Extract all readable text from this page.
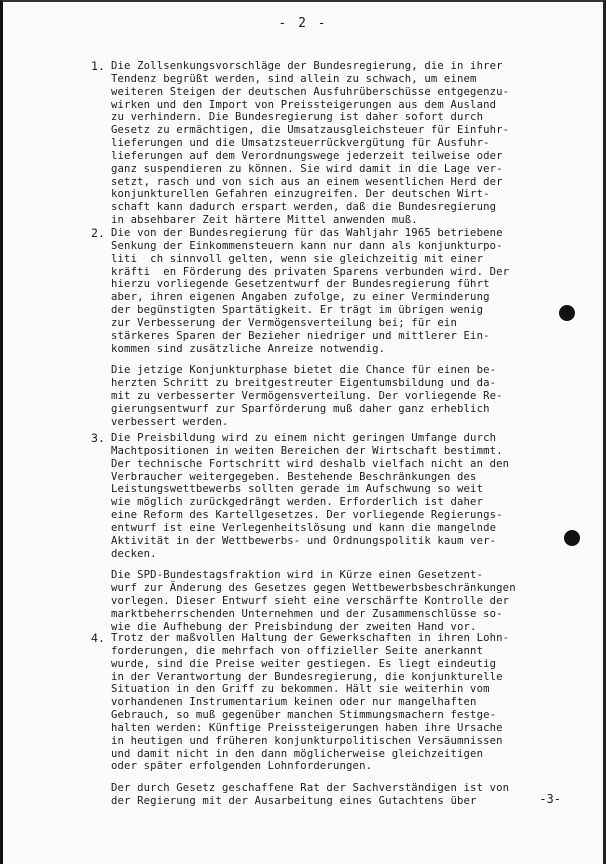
- 2 -
1. Die Zollsenkungsvorschläge der Bundesregierung, die in ihrer
Tendenz begrüßt werden, sind allein zu schwach, um einem
weiteren Steigen der deutschen Ausfuhrüberschüsse entgegenzu-
wirken und den Import von Preissteigerungen aus dem Ausland
zu verhindern. Die Bundesregierung ist daher sofort durch
Gesetz zu ermächtigen, die Umsatzausgleichsteuer für Einfuhr-
lieferungen und die Umsatzsteuerrückvergütung für Ausfuhr-
lieferungen auf dem Verordnungswege jederzeit teilweise oder
ganz suspendieren zu können. Sie wird damit in die Lage ver-
setzt, rasch und von sich aus an einem wesentlichen Herd der
konjunkturellen Gefahren einzugreifen. Der deutschen Wirt-
schaft kann dadurch erspart werden, daß die Bundesregierung
in absehbarer Zeit härtere Mittel anwenden muß.

2. Die von der Bundesregierung für das Wahljahr 1965 betriebene
Senkung der Einkommensteuern kann nur dann als konjunkturpo-
liti  ch sinnvoll gelten, wenn sie gleichzeitig mit einer
kräfti  en Förderung des privaten Sparens verbunden wird. Der
hierzu vorliegende Gesetzentwurf der Bundesregierung führt
aber, ihren eigenen Angaben zufolge, zu einer Verminderung
der begünstigten Spartätigkeit. Er trägt im übrigen wenig
zur Verbesserung der Vermögensverteilung bei; für ein
stärkeres Sparen der Bezieher niedriger und mittlerer Ein-
kommen sind zusätzliche Anreize notwendig.

Die jetzige Konjunkturphase bietet die Chance für einen be-
herzten Schritt zu breitgestreuter Eigentumsbildung und da-
mit zu verbesserter Vermögensverteilung. Der vorliegende Re-
gierungsentwurf zur Sparförderung muß daher ganz erheblich
verbessert werden.

3. Die Preisbildung wird zu einem nicht geringen Umfange durch
Machtpositionen in weiten Bereichen der Wirtschaft bestimmt.
Der technische Fortschritt wird deshalb vielfach nicht an den
Verbraucher weitergegeben. Bestehende Beschränkungen des
Leistungswettbewerbs sollten gerade im Aufschwung so weit
wie möglich zurückgedrängt werden. Erforderlich ist daher
eine Reform des Kartellgesetzes. Der vorliegende Regierungs-
entwurf ist eine Verlegenheitslösung und kann die mangelnde
Aktivität in der Wettbewerbs- und Ordnungspolitik kaum ver-
decken.

Die SPD-Bundestagsfraktion wird in Kürze einen Gesetzent-
wurf zur Änderung des Gesetzes gegen Wettbewerbsbeschränkungen
vorlegen. Dieser Entwurf sieht eine verschärfte Kontrolle der
marktbeherrschenden Unternehmen und der Zusammenschlüsse so-
wie die Aufhebung der Preisbindung der zweiten Hand vor.

4. Trotz der maßvollen Haltung der Gewerkschaften in ihren Lohn-
forderungen, die mehrfach von offizieller Seite anerkannt
wurde, sind die Preise weiter gestiegen. Es liegt eindeutig
in der Verantwortung der Bundesregierung, die konjunkturelle
Situation in den Griff zu bekommen. Hält sie weiterhin vom
vorhandenen Instrumentarium keinen oder nur mangelhaften
Gebrauch, so muß gegenüber manchen Stimmungsmachern festge-
halten werden: Künftige Preissteigerungen haben ihre Ursache
in heutigen und früheren konjunkturpolitischen Versäumnissen
und damit nicht in den dann möglicherweise gleichzeitigen
oder später erfolgenden Lohnforderungen.

Der durch Gesetz geschaffene Rat der Sachverständigen ist von
der Regierung mit der Ausarbeitung eines Gutachtens über	-3-
